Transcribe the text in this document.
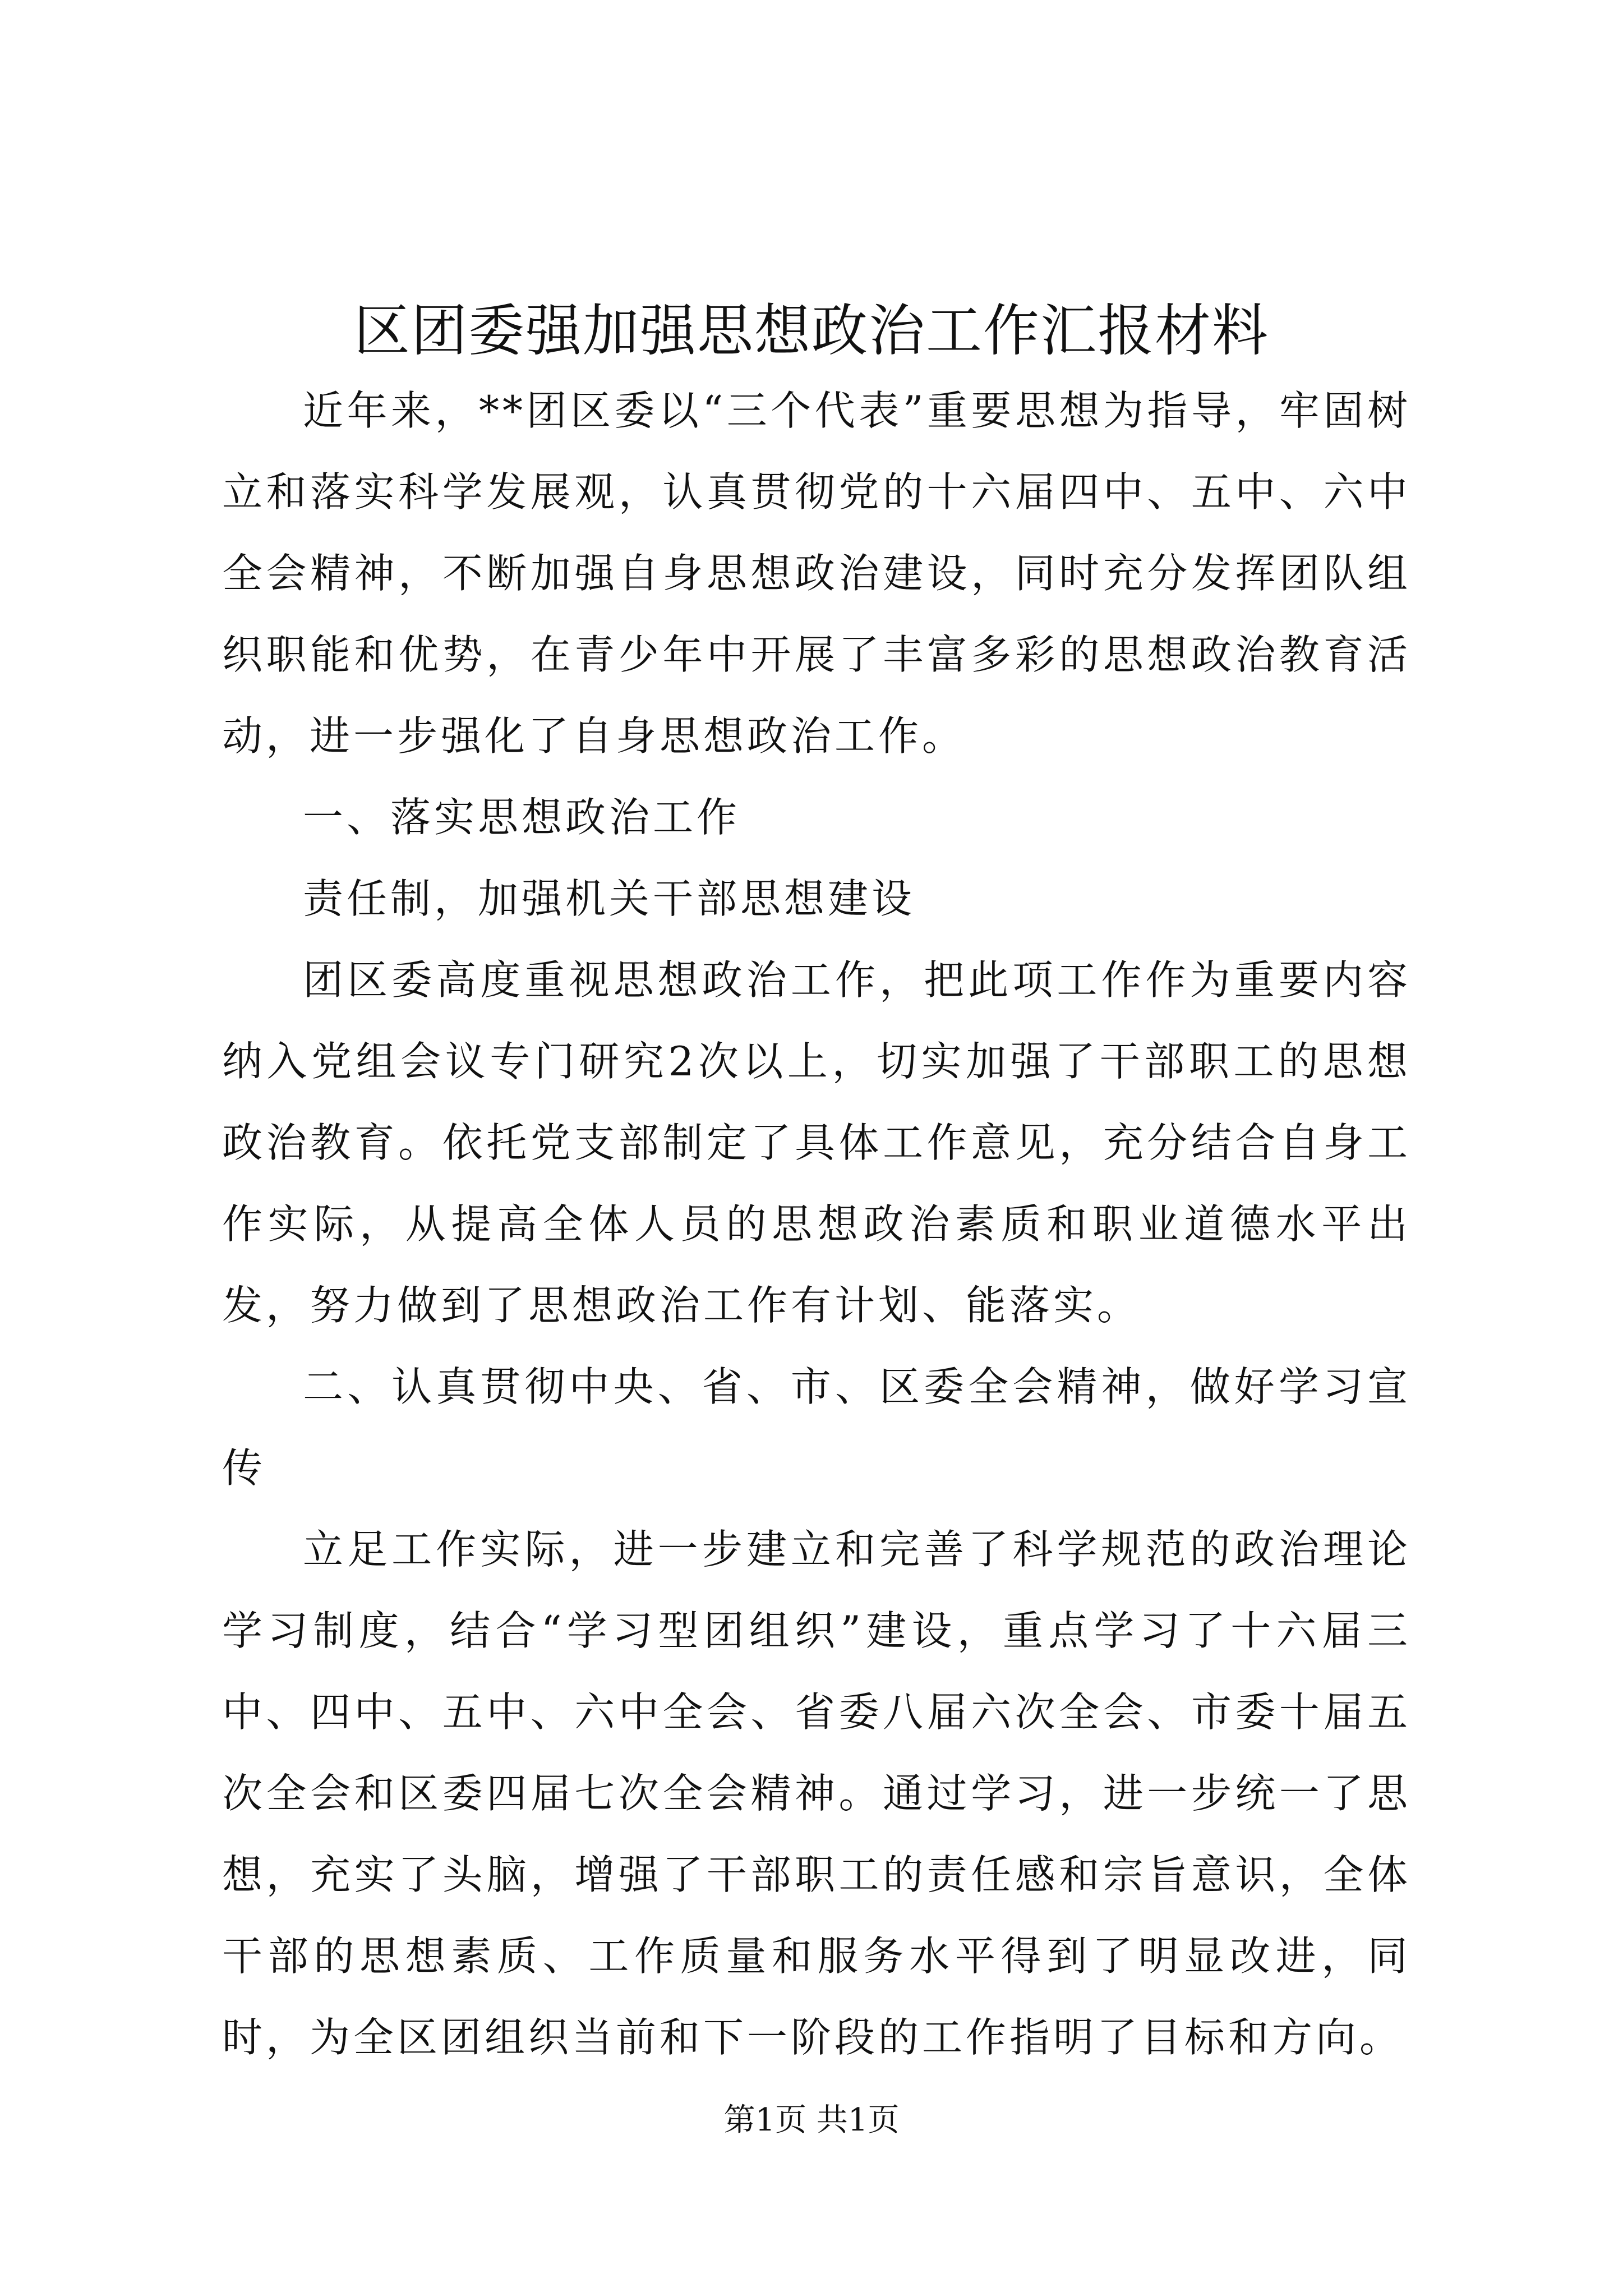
区团委强加强思想政治工作汇报材料

近年来，**团区委以“三个代表”重要思想为指导，牢固树立和落实科学发展观，认真贯彻党的十六届四中、五中、六中全会精神，不断加强自身思想政治建设，同时充分发挥团队组织职能和优势，在青少年中开展了丰富多彩的思想政治教育活动，进一步强化了自身思想政治工作。

一、落实思想政治工作

责任制，加强机关干部思想建设

团区委高度重视思想政治工作，把此项工作作为重要内容纳入党组会议专门研究2次以上，切实加强了干部职工的思想政治教育。依托党支部制定了具体工作意见，充分结合自身工作实际，从提高全体人员的思想政治素质和职业道德水平出发，努力做到了思想政治工作有计划、能落实。

二、认真贯彻中央、省、市、区委全会精神，做好学习宣传

立足工作实际，进一步建立和完善了科学规范的政治理论学习制度，结合“学习型团组织”建设，重点学习了十六届三中、四中、五中、六中全会、省委八届六次全会、市委十届五次全会和区委四届七次全会精神。通过学习，进一步统一了思想，充实了头脑，增强了干部职工的责任感和宗旨意识，全体干部的思想素质、工作质量和服务水平得到了明显改进，同时，为全区团组织当前和下一阶段的工作指明了目标和方向。

第1页 共1页
